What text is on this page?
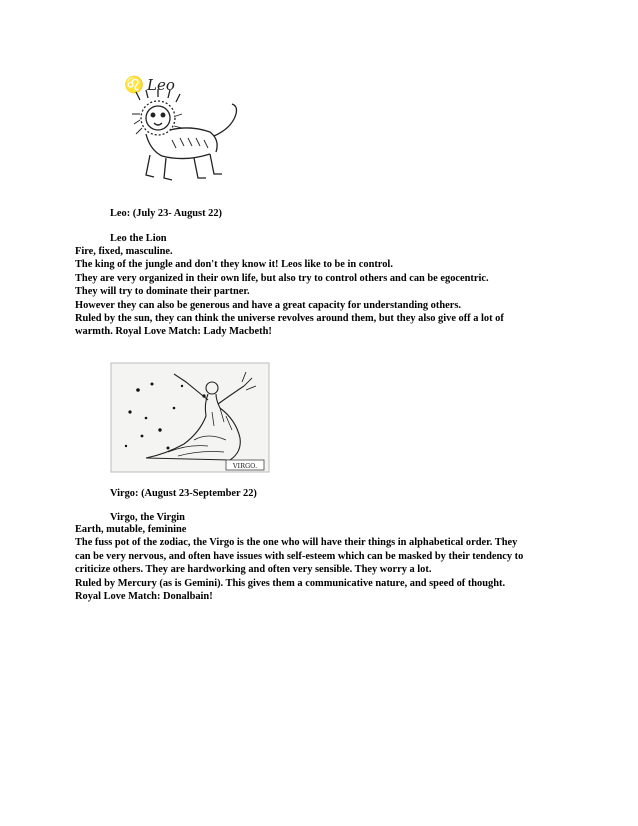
♌ Leo
Leo: (July 23- August 22)
Leo the Lion
Fire, fixed, masculine.
The king of the jungle and don't they know it! Leos like to be in control.
They are very organized in their own life, but also try to control others and can be egocentric.
They will try to dominate their partner.
However they can also be generous and have a great capacity for understanding others.
Ruled by the sun, they can think the universe revolves around them, but they also give off a lot of
warmth. Royal Love Match: Lady Macbeth!
VIRGO.
Virgo: (August 23-September 22)
Virgo, the Virgin
Earth, mutable, feminine
The fuss pot of the zodiac, the Virgo is the one who will have their things in alphabetical order. They
can be very nervous, and often have issues with self-esteem which can be masked by their tendency to
criticize others. They are hardworking and often very sensible. They worry a lot.
Ruled by Mercury (as is Gemini). This gives them a communicative nature, and speed of thought.
Royal Love Match: Donalbain!
